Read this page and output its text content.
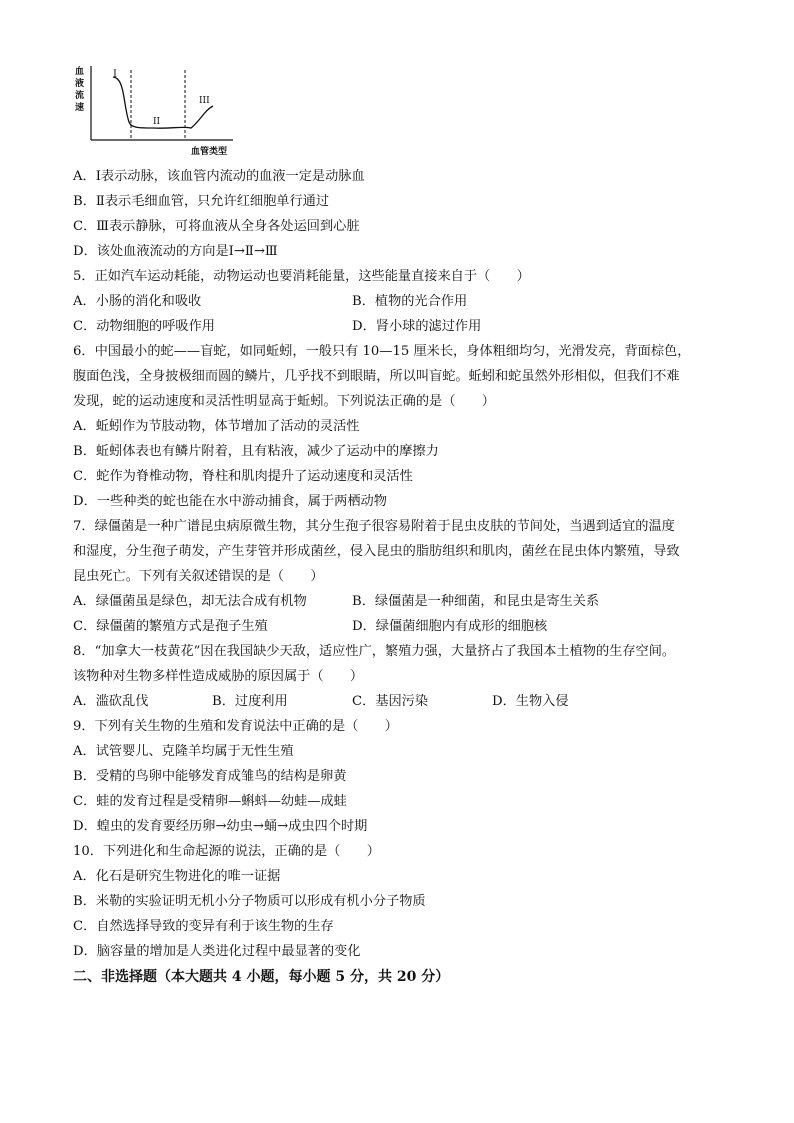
血
液
流
速
I
II
III
血管类型
A．Ⅰ表示动脉，该血管内流动的血液一定是动脉血
B．Ⅱ表示毛细血管，只允许红细胞单行通过
C．Ⅲ表示静脉，可将血液从全身各处运回到心脏
D．该处血液流动的方向是Ⅰ→Ⅱ→Ⅲ
5．正如汽车运动耗能，动物运动也要消耗能量，这些能量直接来自于（　　）
A．小肠的消化和吸收	B．植物的光合作用
C．动物细胞的呼吸作用	D．肾小球的滤过作用
6．中国最小的蛇——盲蛇，如同蚯蚓，一般只有 10—15 厘米长，身体粗细均匀，光滑发亮，背面棕色，
腹面色浅，全身披极细而圆的鳞片，几乎找不到眼睛，所以叫盲蛇。蚯蚓和蛇虽然外形相似，但我们不难
发现，蛇的运动速度和灵活性明显高于蚯蚓。下列说法正确的是（　　）
A．蚯蚓作为节肢动物，体节增加了活动的灵活性
B．蚯蚓体表也有鳞片附着，且有粘液，减少了运动中的摩擦力
C．蛇作为脊椎动物，脊柱和肌肉提升了运动速度和灵活性
D．一些种类的蛇也能在水中游动捕食，属于两栖动物
7．绿僵菌是一种广谱昆虫病原微生物，其分生孢子很容易附着于昆虫皮肤的节间处，当遇到适宜的温度
和湿度，分生孢子萌发，产生芽管并形成菌丝，侵入昆虫的脂肪组织和肌肉，菌丝在昆虫体内繁殖，导致
昆虫死亡。下列有关叙述错误的是（　　）
A．绿僵菌虽是绿色，却无法合成有机物	B．绿僵菌是一种细菌，和昆虫是寄生关系
C．绿僵菌的繁殖方式是孢子生殖	D．绿僵菌细胞内有成形的细胞核
8．“加拿大一枝黄花”因在我国缺少天敌，适应性广，繁殖力强，大量挤占了我国本土植物的生存空间。
该物种对生物多样性造成威胁的原因属于（　　）
A．滥砍乱伐	B．过度利用	C．基因污染	D．生物入侵
9．下列有关生物的生殖和发育说法中正确的是（　　）
A．试管婴儿、克隆羊均属于无性生殖
B．受精的鸟卵中能够发育成雏鸟的结构是卵黄
C．蛙的发育过程是受精卵—蝌蚪—幼蛙—成蛙
D．蝗虫的发育要经历卵→幼虫→蛹→成虫四个时期
10．下列进化和生命起源的说法，正确的是（　　）
A．化石是研究生物进化的唯一证据
B．米勒的实验证明无机小分子物质可以形成有机小分子物质
C．自然选择导致的变异有利于该生物的生存
D．脑容量的增加是人类进化过程中最显著的变化
二、非选择题（本大题共 4 小题，每小题 5 分，共 20 分）
